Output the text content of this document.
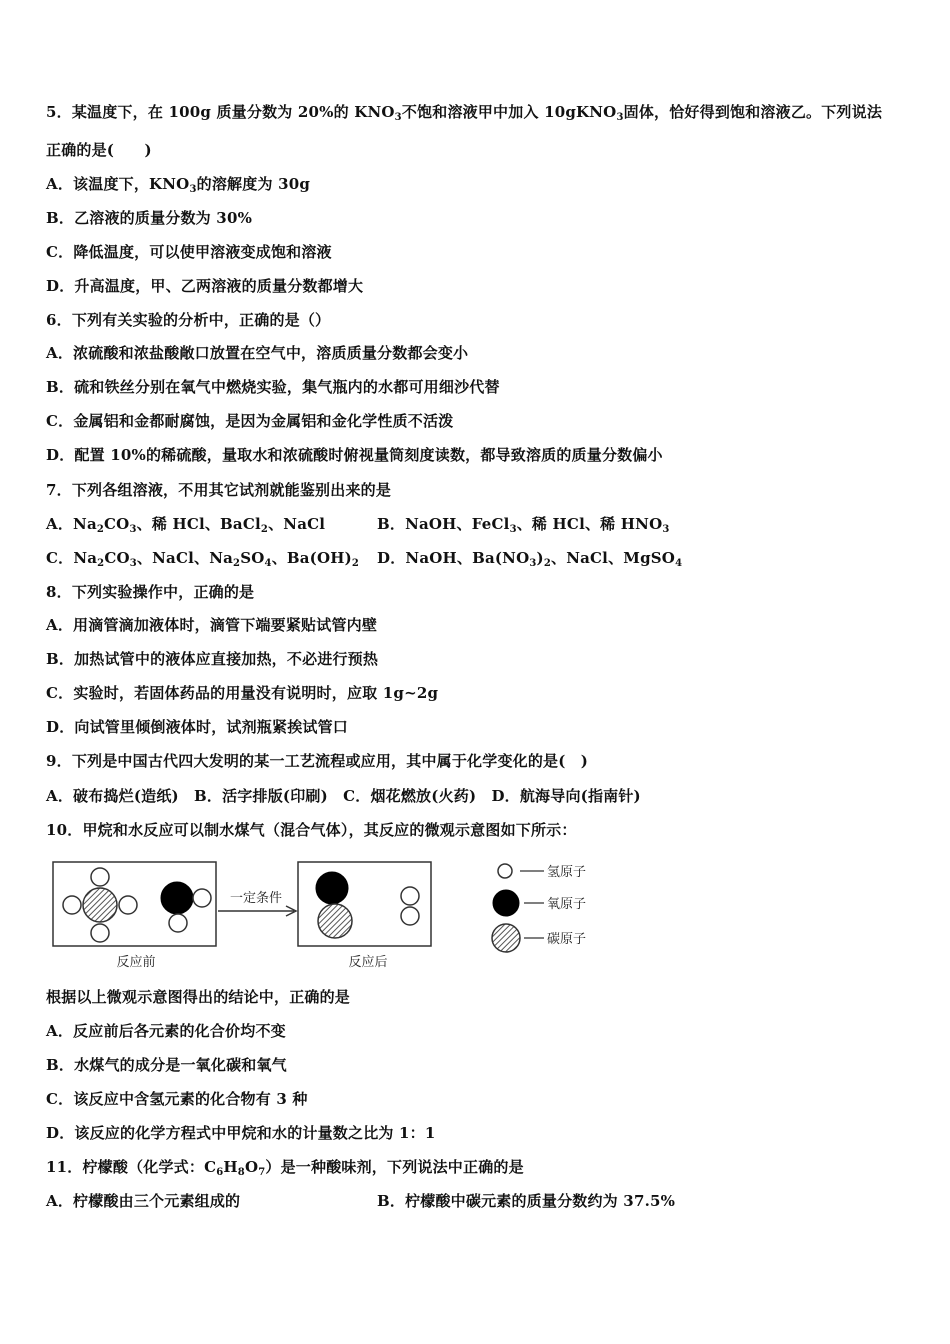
5．某温度下，在 100g 质量分数为 20%的 $KNO_3$不饱和溶液甲中加入 10gKNO$_3$固体，恰好得到饱和溶液乙。下列说法
正确的是(　　)
A．该温度下，$KNO_3$的溶解度为 30g
B．乙溶液的质量分数为 30%
C．降低温度，可以使甲溶液变成饱和溶液
D．升高温度，甲、乙两溶液的质量分数都增大
6．下列有关实验的分析中，正确的是（）
A．浓硫酸和浓盐酸敞口放置在空气中，溶质质量分数都会变小
B．硫和铁丝分别在氧气中燃烧实验，集气瓶内的水都可用细沙代替
C．金属铝和金都耐腐蚀，是因为金属铝和金化学性质不活泼
D．配置 10%的稀硫酸，量取水和浓硫酸时俯视量筒刻度读数，都导致溶质的质量分数偏小
7．下列各组溶液，不用其它试剂就能鉴别出来的是
A．$Na_2CO_3$、稀 HCl、BaCl$_2$、NaCl	B．NaOH、FeCl$_3$、稀 HCl、稀 $HNO_3$
C．$Na_2CO_3$、NaCl、$Na_2SO_4$、$Ba(OH)_2$ D．NaOH、$Ba(NO_3)_2$、NaCl、MgSO$_4$
8．下列实验操作中，正确的是
A．用滴管滴加液体时，滴管下端要紧贴试管内壁
B．加热试管中的液体应直接加热，不必进行预热
C．实验时，若固体药品的用量没有说明时，应取 1g~2g
D．向试管里倾倒液体时，试剂瓶紧挨试管口
9．下列是中国古代四大发明的某一工艺流程或应用，其中属于化学变化的是(　)
A．破布捣烂(造纸)　B．活字排版(印刷)　C．烟花燃放(火药)　D．航海导向(指南针)
10．甲烷和水反应可以制水煤气（混合气体），其反应的微观示意图如下所示：
一定条件
反应前	反应后
氢原子
氧原子
碳原子
根据以上微观示意图得出的结论中，正确的是
A．反应前后各元素的化合价均不变
B．水煤气的成分是一氧化碳和氧气
C．该反应中含氢元素的化合物有 3 种
D．该反应的化学方程式中甲烷和水的计量数之比为 1：1
11．柠檬酸（化学式：$C_6H_8O_7$）是一种酸味剂，下列说法中正确的是
A．柠檬酸由三个元素组成的	B．柠檬酸中碳元素的质量分数约为 37.5%
